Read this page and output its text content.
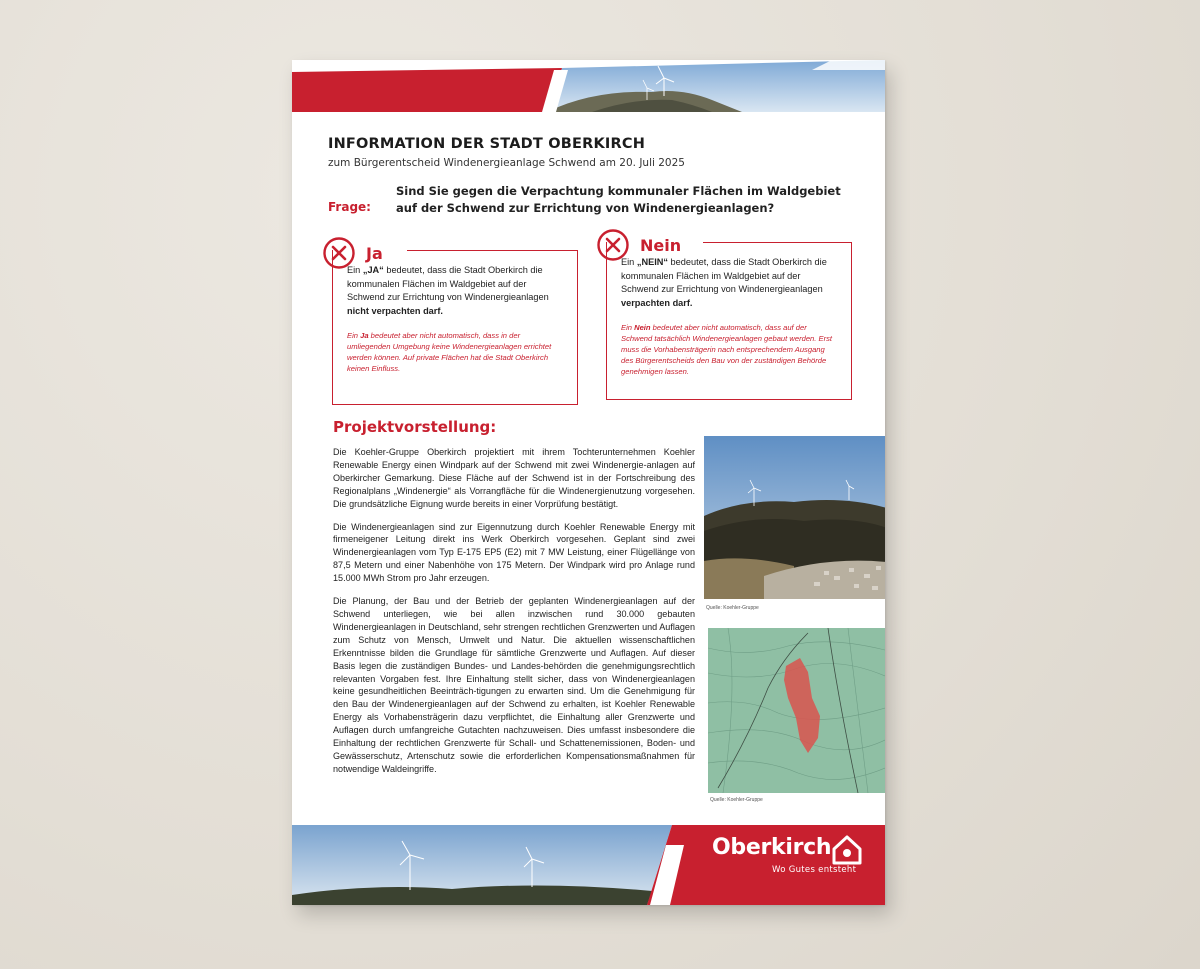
INFORMATION DER STADT OBERKIRCH
zum Bürgerentscheid Windenergieanlage Schwend am 20. Juli 2025
Frage:
Sind Sie gegen die Verpachtung kommunaler Flächen im Waldgebiet auf der Schwend zur Errichtung von Windenergieanlagen?
Ja
Ein „JA“ bedeutet, dass die Stadt Oberkirch die kommunalen Flächen im Waldgebiet auf der Schwend zur Errichtung von Windenergieanlagen
nicht verpachten darf.
Ein Ja bedeutet aber nicht automatisch, dass in der umliegenden Umgebung keine Windenergieanlagen errichtet werden können. Auf private Flächen hat die Stadt Oberkirch keinen Einfluss.
Nein
Ein „NEIN“ bedeutet, dass die Stadt Oberkirch die kommunalen Flächen im Waldgebiet auf der Schwend zur Errichtung von Windenergieanlagen
verpachten darf.
Ein Nein bedeutet aber nicht automatisch, dass auf der Schwend tatsächlich Windenergieanlagen gebaut werden. Erst muss die Vorhabensträgerin nach entsprechendem Ausgang des Bürgerentscheids den Bau von der zuständigen Behörde genehmigen lassen.
Projektvorstellung:

Die Koehler-Gruppe Oberkirch projektiert mit ihrem Tochterunternehmen Koehler Renewable Energy einen Windpark auf der Schwend mit zwei Windenergie-anlagen auf Oberkircher Gemarkung. Diese Fläche auf der Schwend ist in der Fortschreibung des Regionalplans „Windenergie“ als Vorrangfläche für die Windenergienutzung vorgesehen. Die grundsätzliche Eignung wurde bereits in einer Vorprüfung bestätigt.

Die Windenergieanlagen sind zur Eigennutzung durch Koehler Renewable Energy mit firmeneigener Leitung direkt ins Werk Oberkirch vorgesehen. Geplant sind zwei Windenergieanlagen vom Typ E-175 EP5 (E2) mit 7 MW Leistung, einer Flügellänge von 87,5 Metern und einer Nabenhöhe von 175 Metern. Der Windpark wird pro Anlage rund 15.000 MWh Strom pro Jahr erzeugen.

Die Planung, der Bau und der Betrieb der geplanten Windenergieanlagen auf der Schwend unterliegen, wie bei allen inzwischen rund 30.000 gebauten Windenergieanlagen in Deutschland, sehr strengen rechtlichen Grenzwerten und Auflagen zum Schutz von Mensch, Umwelt und Natur. Die aktuellen wissenschaftlichen Erkenntnisse bilden die Grundlage für sämtliche Grenzwerte und Auflagen. Auf dieser Basis legen die zuständigen Bundes- und Landes-behörden die genehmigungsrechtlich relevanten Vorgaben fest. Ihre Einhaltung stellt sicher, dass von Windenergieanlagen keine gesundheitlichen Beeinträch-tigungen zu erwarten sind. Um die Genehmigung für den Bau der Windenergieanlagen auf der Schwend zu erhalten, ist Koehler Renewable Energy als Vorhabensträgerin dazu verpflichtet, die Einhaltung aller Grenzwerte und Auflagen durch umfangreiche Gutachten nachzuweisen. Dies umfasst insbesondere die Einhaltung der rechtlichen Grenzwerte für Schall- und Schattenemissionen, Boden- und Gewässerschutz, Artenschutz sowie die erforderlichen Kompensationsmaßnahmen für notwendige Waldeingriffe.

Quelle: Koehler-Gruppe
Quelle: Koehler-Gruppe
Oberkirch
Wo Gutes entsteht
